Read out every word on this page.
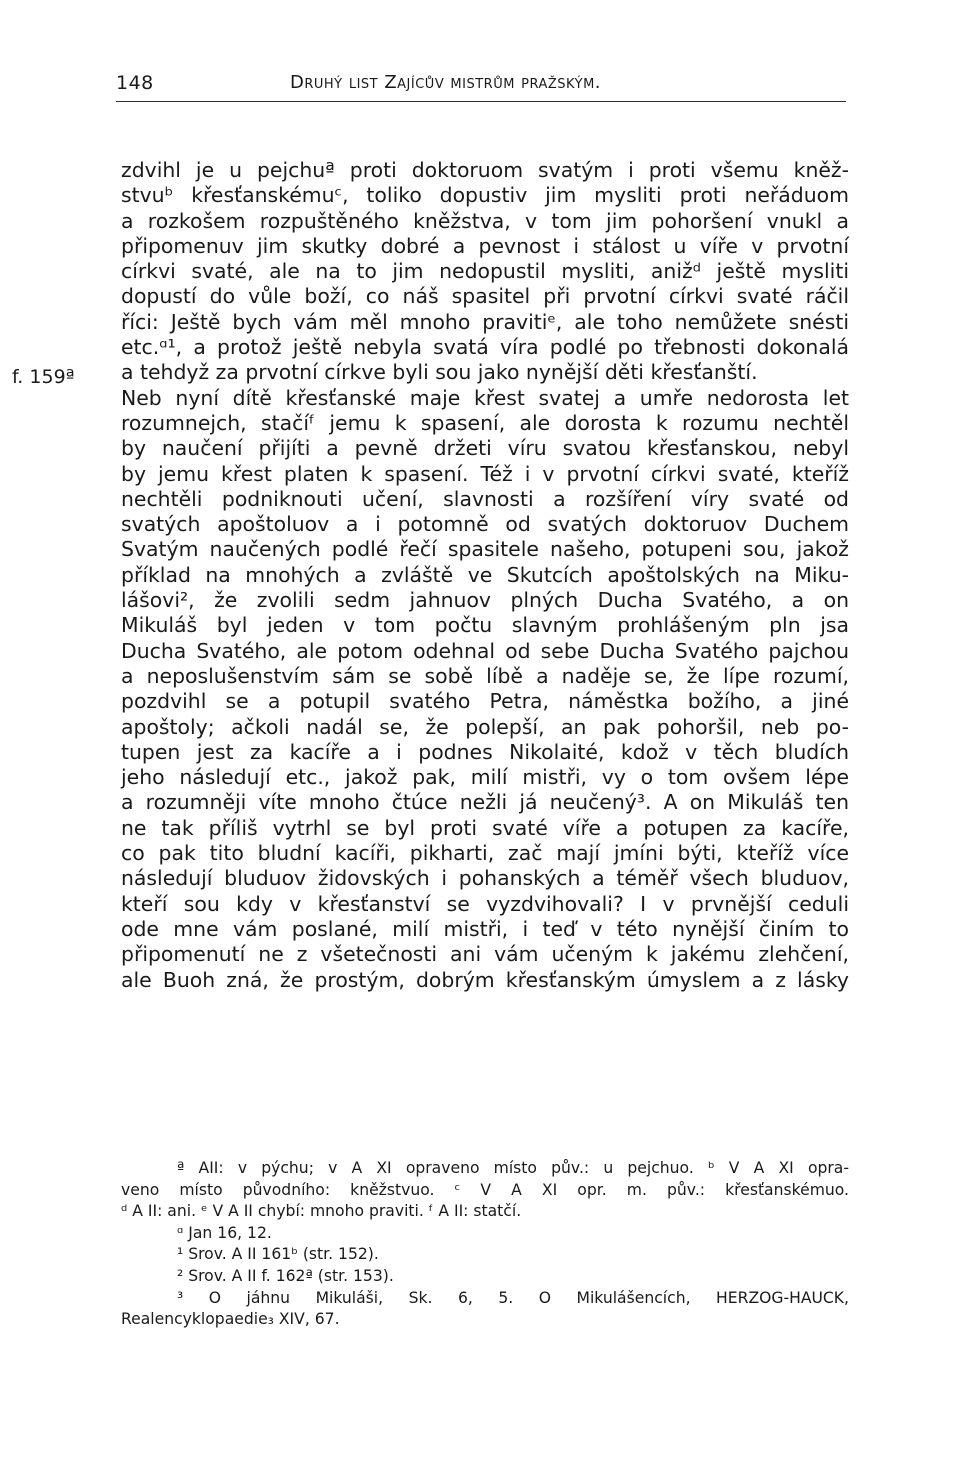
148	Druhý list Zajícův mistrům pražským.
f. 159ª
zdvihl je u pejchuª proti doktoruom svatým i proti všemu kněž-
stvuᵇ křesťanskémuᶜ, toliko dopustiv jim mysliti proti neřáduom
a rozkošem rozpuštěného kněžstva, v tom jim pohoršení vnukl a
připomenuv jim skutky dobré a pevnost i stálost u víře v prvotní
církvi svaté, ale na to jim nedopustil mysliti, anižᵈ ještě mysliti
dopustí do vůle boží, co náš spasitel při prvotní církvi svaté ráčil
říci: Ještě bych vám měl mnoho pravitiᵉ, ale toho nemůžete snésti
etc.ᵅ¹, a protož ještě nebyla svatá víra podlé po třebnosti dokonalá
a tehdyž za prvotní církve byli sou jako nynější děti křesťanští.
Neb nyní dítě křesťanské maje křest svatej a umře nedorosta let
rozumnejch, stačíᶠ jemu k spasení, ale dorosta k rozumu nechtěl
by naučení přijíti a pevně držeti víru svatou křesťanskou, nebyl
by jemu křest platen k spasení. Též i v prvotní církvi svaté, kteříž
nechtěli podniknouti učení, slavnosti a rozšíření víry svaté od
svatých apoštoluov a i potomně od svatých doktoruov Duchem
Svatým naučených podlé řečí spasitele našeho, potupeni sou, jakož
příklad na mnohých a zvláště ve Skutcích apoštolských na Miku-
lášovi², že zvolili sedm jahnuov plných Ducha Svatého, a on
Mikuláš byl jeden v tom počtu slavným prohlášeným pln jsa
Ducha Svatého, ale potom odehnal od sebe Ducha Svatého pajchou
a neposlušenstvím sám se sobě líbě a naděje se, že lípe rozumí,
pozdvihl se a potupil svatého Petra, náměstka božího, a jiné
apoštoly; ačkoli nadál se, že polepší, an pak pohoršil, neb po-
tupen jest za kacíře a i podnes Nikolaité, kdož v těch bludích
jeho následují etc., jakož pak, milí mistři, vy o tom ovšem lépe
a rozumněji víte mnoho čtúce nežli já neučený³. A on Mikuláš ten
ne tak příliš vytrhl se byl proti svaté víře a potupen za kacíře,
co pak tito bludní kacíři, pikharti, zač mají jmíni býti, kteříž více
následují bluduov židovských i pohanských a téměř všech bluduov,
kteří sou kdy v křesťanství se vyzdvihovali? I v prvnější ceduli
ode mne vám poslané, milí mistři, i teď v této nynější činím to
připomenutí ne z všetečnosti ani vám učeným k jakému zlehčení,
ale Buoh zná, že prostým, dobrým křesťanským úmyslem a z lásky
ª AII: v pýchu; v A XI opraveno místo pův.: u pejchuo. ᵇ V A XI opra-
veno místo původního: kněžstvuo. ᶜ V A XI opr. m. pův.: křesťanskémuo.
ᵈ A II: ani. ᵉ V A II chybí: mnoho praviti. ᶠ A II: statčí.
ᵅ Jan 16, 12.
¹ Srov. A II 161ᵇ (str. 152).
² Srov. A II f. 162ª (str. 153).
³ O jáhnu Mikuláši, Sk. 6, 5. O Mikulášencích, HERZOG-HAUCK,
Realencyklopaedie₃ XIV, 67.
